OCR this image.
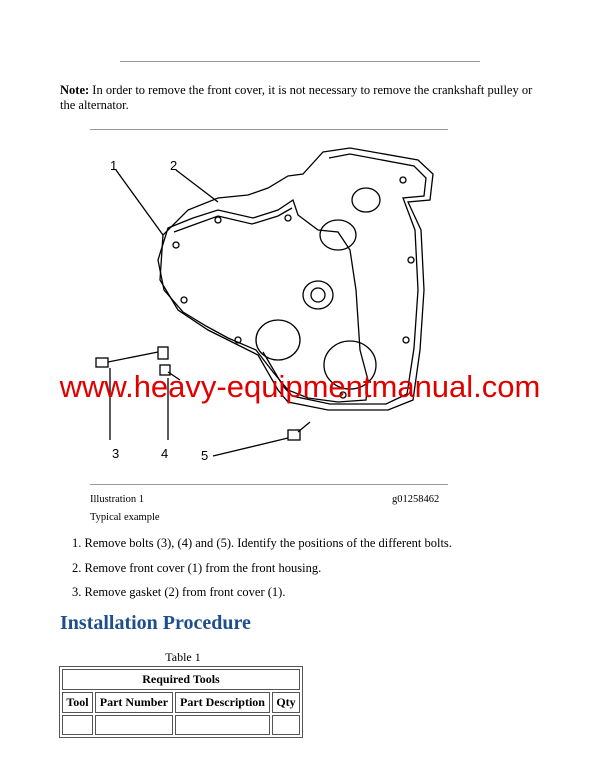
Note: In order to remove the front cover, it is not necessary to remove the crankshaft pulley or the alternator.
1	2
3	4	5
www.heavy-equipmentmanual.com
Illustration 1	g01258462
Typical example
1. Remove bolts (3), (4) and (5). Identify the positions of the different bolts.
2. Remove front cover (1) from the front housing.
3. Remove gasket (2) from front cover (1).
Installation Procedure
Table 1
Required Tools			
Tool	Part Number	Part Description	Qty
